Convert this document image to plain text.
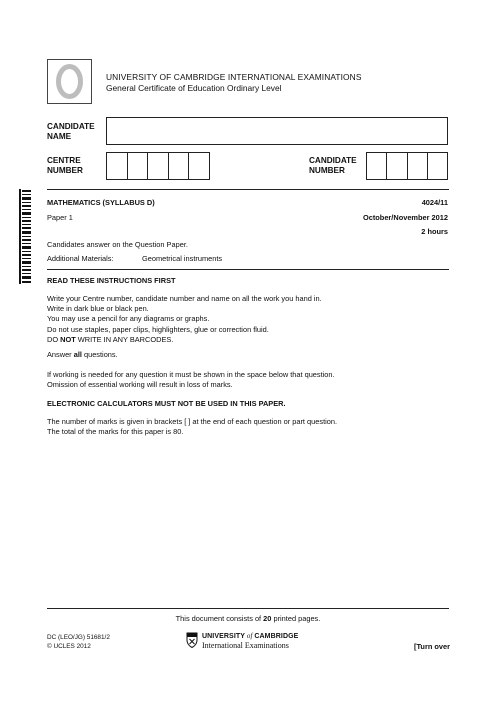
UNIVERSITY OF CAMBRIDGE INTERNATIONAL EXAMINATIONS
General Certificate of Education Ordinary Level
CANDIDATE
NAME
CENTRE
NUMBER
CANDIDATE
NUMBER
MATHEMATICS (SYLLABUS D)	4024/11
Paper 1	October/November 2012
2 hours
Candidates answer on the Question Paper.
Additional Materials:	Geometrical instruments
READ THESE INSTRUCTIONS FIRST
Write your Centre number, candidate number and name on all the work you hand in.
Write in dark blue or black pen.
You may use a pencil for any diagrams or graphs.
Do not use staples, paper clips, highlighters, glue or correction fluid.
DO NOT WRITE IN ANY BARCODES.
Answer all questions.
If working is needed for any question it must be shown in the space below that question.
Omission of essential working will result in loss of marks.
ELECTRONIC CALCULATORS MUST NOT BE USED IN THIS PAPER.
The number of marks is given in brackets [ ] at the end of each question or part question.
The total of the marks for this paper is 80.
This document consists of 20 printed pages.
DC (LEO/JG) 51681/2
© UCLES 2012
UNIVERSITY of CAMBRIDGE
International Examinations	[Turn over
